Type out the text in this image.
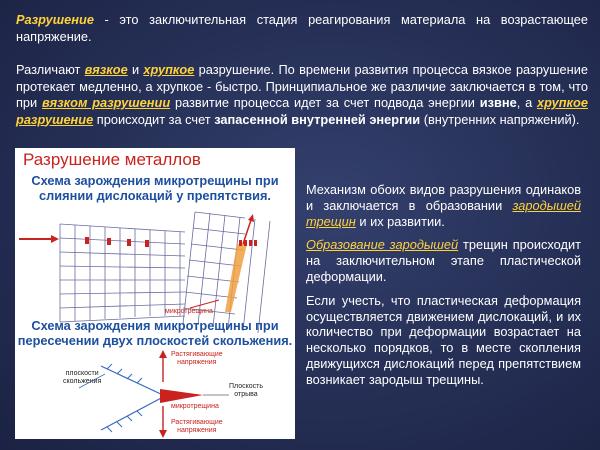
Разрушение - это заключительная стадия реагирования материала на возрастающее напряжение.

Различают вязкое и хрупкое разрушение. По времени развития процесса вязкое разрушение протекает медленно, а хрупкое - быстро. Принципиальное же различие заключается в том, что при вязком разрушении развитие процесса идет за счет подвода энергии извне, а хрупкое разрушение происходит за счет запасенной внутренней энергии (внутренних напряжений).

Разрушение металлов
Схема зарождения микротрещины при слиянии дислокаций у препятствия.
микротрещина
Схема зарождения микротрещины при пересечении двух плоскостей скольжения.
Растягивающие
напряжения
плоскости
скольжения
Плоскость
отрыва
микротрещина
Растягивающие
напряжения

Механизм обоих видов разрушения одинаков и заключается в образовании зародышей трещин и их развитии.

Образование зародышей трещин происходит на заключительном этапе пластической деформации.

Если учесть, что пластическая деформация осуществляется движением дислокаций, и их количество при деформации возрастает на несколько порядков, то в месте скопления движущихся дислокаций перед препятствием возникает зародыш трещины.
